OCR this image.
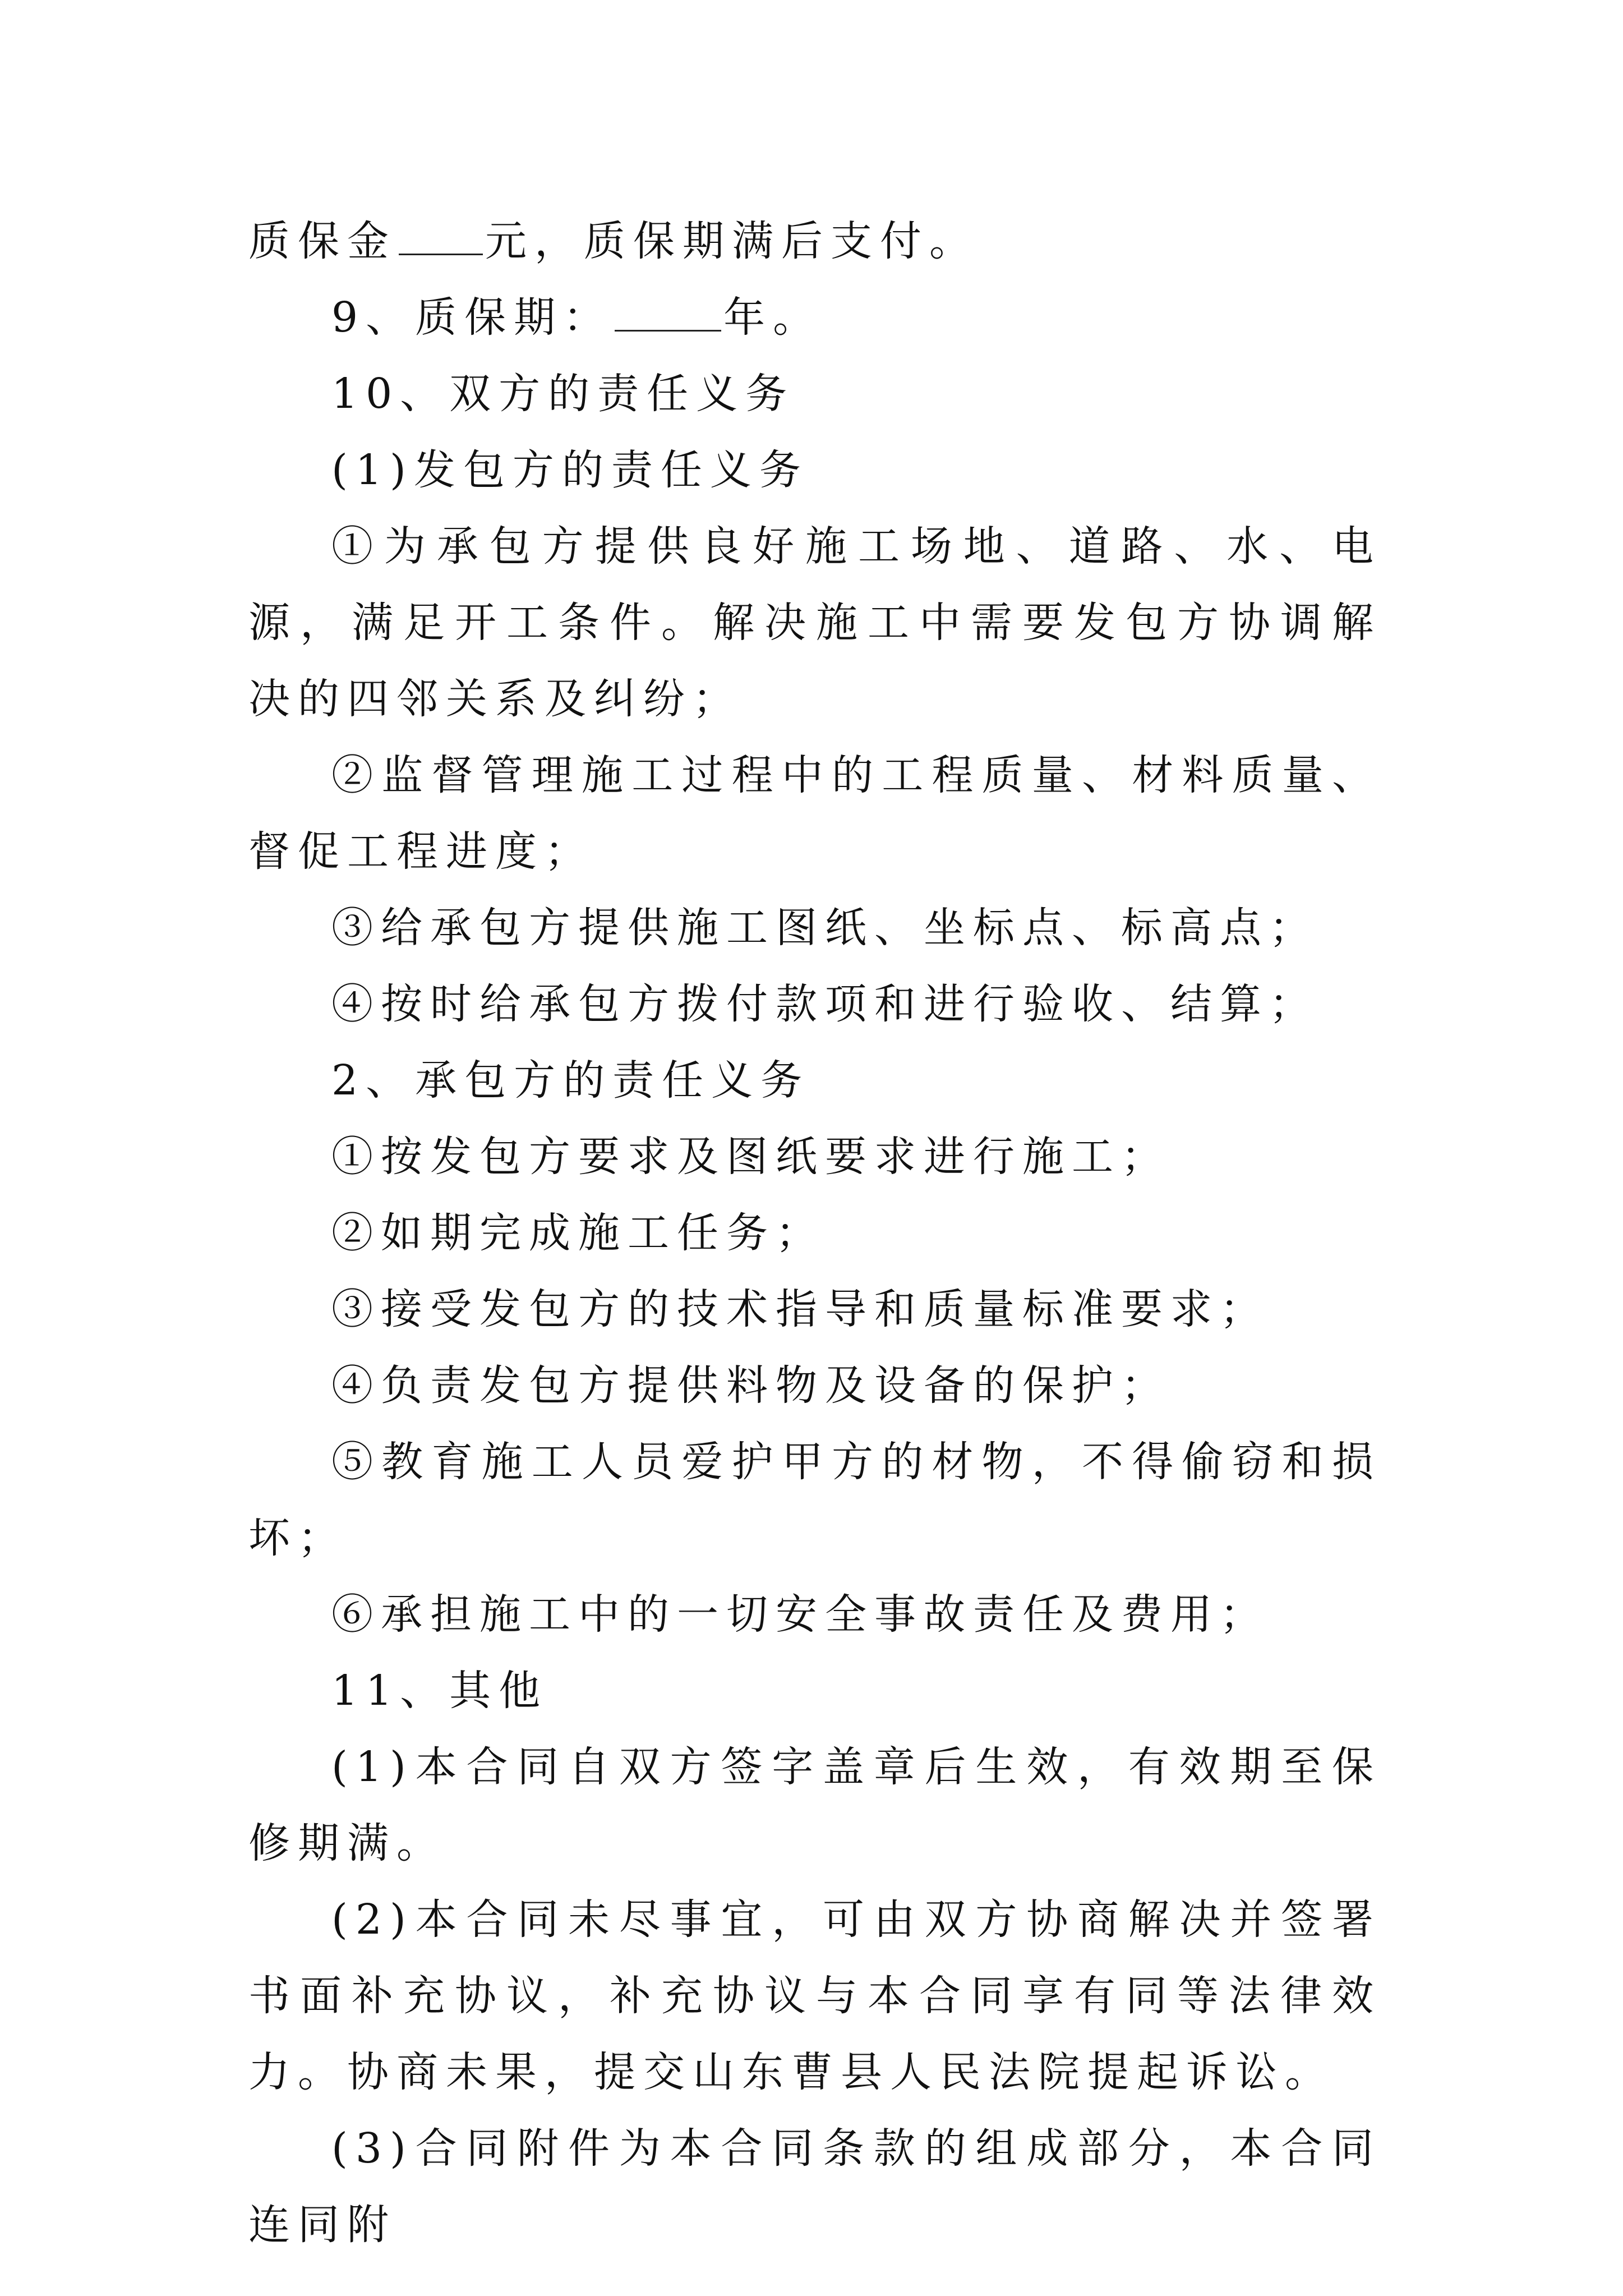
质保金 元，质保期满后支付。

9、质保期：	年。

10、双方的责任义务

(1)发包方的责任义务

①为承包方提供良好施工场地、道路、水、电源，满足开工条件。解决施工中需要发包方协调解决的四邻关系及纠纷；

②监督管理施工过程中的工程质量、材料质量、督促工程进度；

③给承包方提供施工图纸、坐标点、标高点；

④按时给承包方拨付款项和进行验收、结算；

2、承包方的责任义务

①按发包方要求及图纸要求进行施工；

②如期完成施工任务；

③接受发包方的技术指导和质量标准要求；

④负责发包方提供料物及设备的保护；

⑤教育施工人员爱护甲方的材物，不得偷窃和损坏；

⑥承担施工中的一切安全事故责任及费用；

11、其他

(1)本合同自双方签字盖章后生效，有效期至保修期满。

(2)本合同未尽事宜，可由双方协商解决并签署书面补充协议，补充协议与本合同享有同等法律效力。协商未果，提交山东曹县人民法院提起诉讼。

(3)合同附件为本合同条款的组成部分，本合同连同附
